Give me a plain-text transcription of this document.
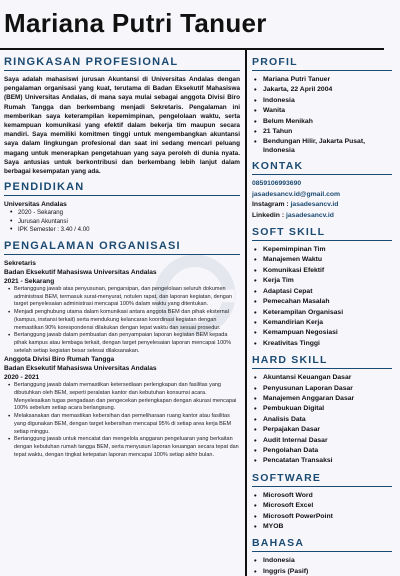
Mariana Putri Tanuer
RINGKASAN PROFESIONAL

Saya adalah mahasiswi jurusan Akuntansi di Universitas Andalas dengan pengalaman organisasi yang kuat, terutama di Badan Eksekutif Mahasiswa (BEM) Universitas Andalas, di mana saya mulai sebagai anggota Divisi Biro Rumah Tangga dan berkembang menjadi Sekretaris. Pengalaman ini memberikan saya keterampilan kepemimpinan, pengelolaan waktu, serta kemampuan komunikasi yang efektif dalam bekerja tim maupun secara mandiri. Saya memiliki komitmen tinggi untuk mengembangkan akuntansi saya dalam lingkungan profesional dan saat ini sedang mencari peluang magang untuk menerapkan pengetahuan yang saya peroleh di dunia nyata. Saya antusias untuk berkontribusi dan berkembang lebih lanjut dalam berbagai kesempatan yang ada.

PENDIDIKAN
Universitas Andalas
• 2020 - Sekarang
• Jurusan Akuntansi
• IPK Semester : 3.40 / 4.00
PENGALAMAN ORGANISASI
Sekretaris
Badan Eksekutif Mahasiswa Universitas Andalas
2021 - Sekarang
• Bertanggung jawab atas penyusunan, pengarsipan, dan pengelolaan seluruh dokumen administrasi BEM, termasuk surat-menyurat, notulen rapat, dan laporan kegiatan, dengan target penyelesaian administrasi mencapai 100% dalam waktu yang ditentukan.
• Menjadi penghubung utama dalam komunikasi antara anggota BEM dan pihak eksternal (kampus, instansi terkait) serta mendukung kelancaran koordinasi kegiatan dengan memastikan 90% korespondensi dilakukan dengan tepat waktu dan sesuai prosedur.
• Bertanggung jawab dalam pembuatan dan penyampaian laporan kegiatan BEM kepada pihak kampus atau lembaga terkait, dengan target penyelesaian laporan mencapai 100% setelah setiap kegiatan besar selesai dilaksanakan.
Anggota Divisi Biro Rumah Tangga
Badan Eksekutif Mahasiswa Universitas Andalas
2020 - 2021
• Bertanggung jawab dalam memastikan ketersediaan perlengkapan dan fasilitas yang dibutuhkan oleh BEM, seperti peralatan kantor dan kebutuhan konsumsi acara. Menyelesaikan tugas pengadaan dan pengecekan perlengkapan dengan akurasi mencapai 100% sebelum setiap acara berlangsung.
• Melaksanakan dan memastikan kebersihan dan pemeliharaan ruang kantor atau fasilitas yang digunakan BEM, dengan target kebersihan mencapai 95% di setiap area kerja BEM setiap minggu.
• Bertanggung jawab untuk mencatat dan mengelola anggaran pengeluaran yang berkaitan dengan kebutuhan rumah tangga BEM, serta menyusun laporan keuangan secara tepat dan tepat waktu, dengan tingkat ketepatan laporan mencapai 100% setiap akhir bulan.
PROFIL
• Mariana Putri Tanuer
• Jakarta, 22 April 2004
• Indonesia
• Wanita
• Belum Menikah
• 21 Tahun
• Bendungan Hilir, Jakarta Pusat, Indonesia
KONTAK
0859106993690
jasadesancv.id@gmail.com
Instagram : jasadesancv.id
Linkedin : jasadesancv.id
SOFT SKILL
• Kepemimpinan Tim
• Manajemen Waktu
• Komunikasi Efektif
• Kerja Tim
• Adaptasi Cepat
• Pemecahan Masalah
• Keterampilan Organisasi
• Kemandirian Kerja
• Kemampuan Negosiasi
• Kreativitas Tinggi
HARD SKILL
• Akuntansi Keuangan Dasar
• Penyusunan Laporan Dasar
• Manajemen Anggaran Dasar
• Pembukuan Digital
• Analisis Data
• Perpajakan Dasar
• Audit Internal Dasar
• Pengolahan Data
• Pencatatan Transaksi
SOFTWARE
• Microsoft Word
• Microsoft Excel
• Microsoft PowerPoint
• MYOB
BAHASA
• Indonesia
• Inggris (Pasif)
